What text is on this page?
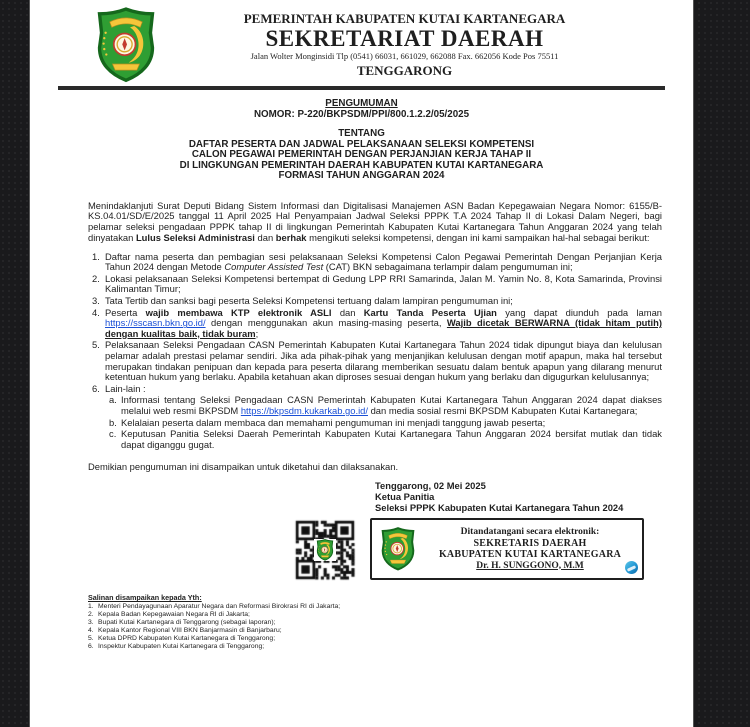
PEMERINTAH KABUPATEN KUTAI KARTANEGARA
SEKRETARIAT DAERAH
Jalan Wolter Monginsidi Tlp (0541) 66031, 661029, 662088 Fax. 662056 Kode Pos 75511
TENGGARONG
PENGUMUMAN
NOMOR: P-220/BKPSDM/PPI/800.1.2.2/05/2025
TENTANG
DAFTAR PESERTA DAN JADWAL PELAKSANAAN SELEKSI KOMPETENSI
CALON PEGAWAI PEMERINTAH DENGAN PERJANJIAN KERJA TAHAP II
DI LINGKUNGAN PEMERINTAH DAERAH KABUPATEN KUTAI KARTANEGARA
FORMASI TAHUN ANGGARAN 2024

Menindaklanjuti Surat Deputi Bidang Sistem Informasi dan Digitalisasi Manajemen ASN Badan Kepegawaian Negara Nomor: 6155/B-KS.04.01/SD/E/2025 tanggal 11 April 2025 Hal Penyampaian Jadwal Seleksi PPPK T.A 2024 Tahap II di Lokasi Dalam Negeri, bagi pelamar seleksi pengadaan PPPK tahap II di lingkungan Pemerintah Kabupaten Kutai Kartanegara Tahun Anggaran 2024 yang telah dinyatakan Lulus Seleksi Administrasi dan berhak mengikuti seleksi kompetensi, dengan ini kami sampaikan hal-hal sebagai berikut:

1. Daftar nama peserta dan pembagian sesi pelaksanaan Seleksi Kompetensi Calon Pegawai Pemerintah Dengan Perjanjian Kerja Tahun 2024 dengan Metode Computer Assisted Test (CAT) BKN sebagaimana terlampir dalam pengumuman ini;
2. Lokasi pelaksanaan Seleksi Kompetensi bertempat di Gedung LPP RRI Samarinda, Jalan M. Yamin No. 8, Kota Samarinda, Provinsi Kalimantan Timur;
3. Tata Tertib dan sanksi bagi peserta Seleksi Kompetensi tertuang dalam lampiran pengumuman ini;
4. Peserta wajib membawa KTP elektronik ASLI dan Kartu Tanda Peserta Ujian yang dapat diunduh pada laman https://sscasn.bkn.go.id/ dengan menggunakan akun masing-masing peserta, Wajib dicetak BERWARNA (tidak hitam putih) dengan kualitas baik, tidak buram;
5. Pelaksanaan Seleksi Pengadaan CASN Pemerintah Kabupaten Kutai Kartanegara Tahun 2024 tidak dipungut biaya dan kelulusan pelamar adalah prestasi pelamar sendiri. Jika ada pihak-pihak yang menjanjikan kelulusan dengan motif apapun, maka hal tersebut merupakan tindakan penipuan dan kepada para peserta dilarang memberikan sesuatu dalam bentuk apapun yang dilarang menurut ketentuan hukum yang berlaku. Apabila ketahuan akan diproses sesuai dengan hukum yang berlaku dan digugurkan kelulusannya;
6. Lain-lain :
a. Informasi tentang Seleksi Pengadaan CASN Pemerintah Kabupaten Kutai Kartanegara Tahun Anggaran 2024 dapat diakses melalui web resmi BKPSDM https://bkpsdm.kukarkab.go.id/ dan media sosial resmi BKPSDM Kabupaten Kutai Kartanegara;
b. Kelalaian peserta dalam membaca dan memahami pengumuman ini menjadi tanggung jawab peserta;
c. Keputusan Panitia Seleksi Daerah Pemerintah Kabupaten Kutai Kartanegara Tahun Anggaran 2024 bersifat mutlak dan tidak dapat diganggu gugat.

Demikian pengumuman ini disampaikan untuk diketahui dan dilaksanakan.

Tenggarong, 02 Mei 2025
Ketua Panitia
Seleksi PPPK Kabupaten Kutai Kartanegara Tahun 2024
Ditandatangani secara elektronik:
SEKRETARIS DAERAH
KABUPATEN KUTAI KARTANEGARA
Dr. H. SUNGGONO, M.M
Salinan disampaikan kepada Yth:
1. Menteri Pendayagunaan Aparatur Negara dan Reformasi Birokrasi RI di Jakarta;
2. Kepala Badan Kepegawaian Negara RI di Jakarta;
3. Bupati Kutai Kartanegara di Tenggarong (sebagai laporan);
4. Kepala Kantor Regional VIII BKN Banjarmasin di Banjarbaru;
5. Ketua DPRD Kabupaten Kutai Kartanegara di Tenggarong;
6. Inspektur Kabupaten Kutai Kartanegara di Tenggarong;
